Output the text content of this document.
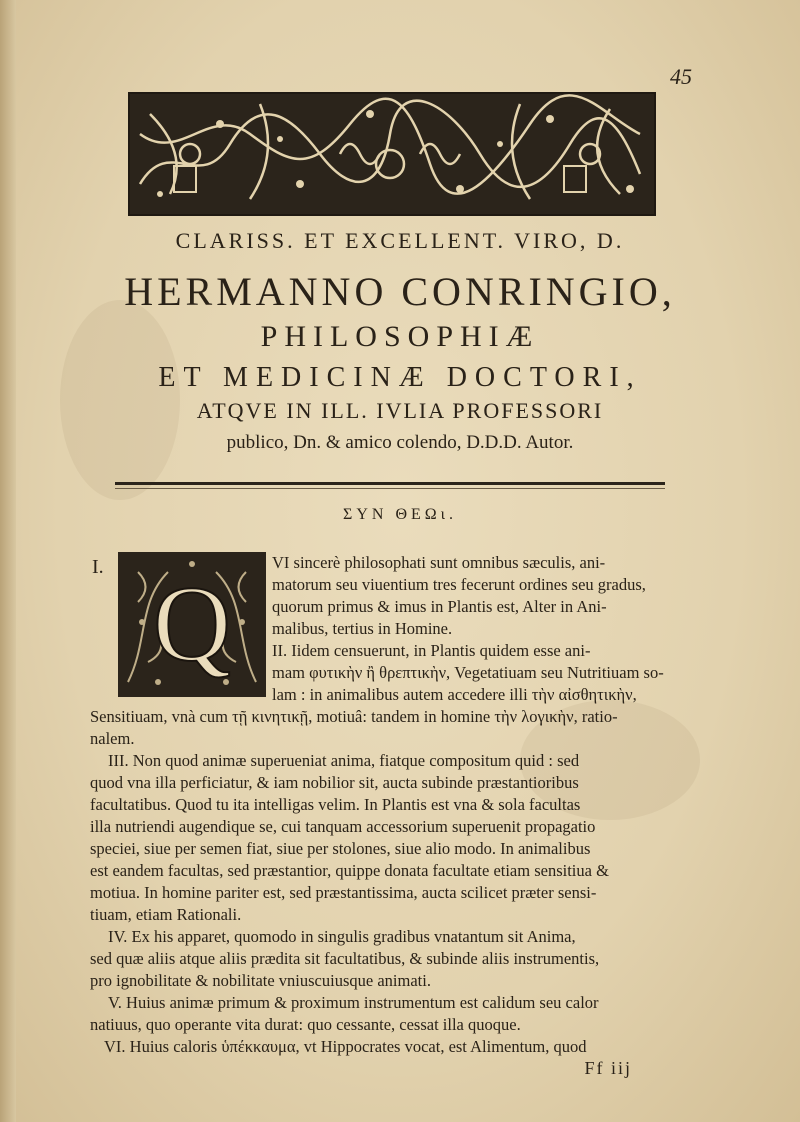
45
CLARISS. ET EXCELLENT. VIRO, D.
HERMANNO CONRINGIO,
PHILOSOPHIÆ
ET MEDICINÆ DOCTORI,
ATQVE IN ILL. IVLIA PROFESSORI
publico, Dn. & amico colendo, D.D.D. Autor.
ΣΥΝ ΘΕΩι.
I. Q

VI sincerè philosophati sunt omnibus sæculis, ani-

matorum seu viuentium tres fecerunt ordines seu gradus,

quorum primus & imus in Plantis est, Alter in Ani-

malibus, tertius in Homine.

II. Iidem censuerunt, in Plantis quidem esse ani-

mam φυτικὴν ἢ θρεπτικὴν, Vegetatiuam seu Nutritiuam so-

lam : in animalibus autem accedere illi τὴν αἰσθητικὴν,

Sensitiuam, vnà cum τῇ κινητικῇ, motiuâ: tandem in homine τὴν λογικὴν, ratio-

nalem.

III. Non quod animæ superueniat anima, fiatque compositum quid : sed

quod vna illa perficiatur, & iam nobilior sit, aucta subinde præstantioribus

facultatibus. Quod tu ita intelligas velim. In Plantis est vna & sola facultas

illa nutriendi augendique se, cui tanquam accessorium superuenit propagatio

speciei, siue per semen fiat, siue per stolones, siue alio modo. In animalibus

est eandem facultas, sed præstantior, quippe donata facultate etiam sensitiua &

motiua. In homine pariter est, sed præstantissima, aucta scilicet præter sensi-

tiuam, etiam Rationali.

IV. Ex his apparet, quomodo in singulis gradibus vnatantum sit Anima,

sed quæ aliis atque aliis prædita sit facultatibus, & subinde aliis instrumentis,

pro ignobilitate & nobilitate vniuscuiusque animati.

V. Huius animæ primum & proximum instrumentum est calidum seu calor

natiuus, quo operante vita durat: quo cessante, cessat illa quoque.

VI. Huius caloris ὑπέκκαυμα, vt Hippocrates vocat, est Alimentum, quod

Ff iij
